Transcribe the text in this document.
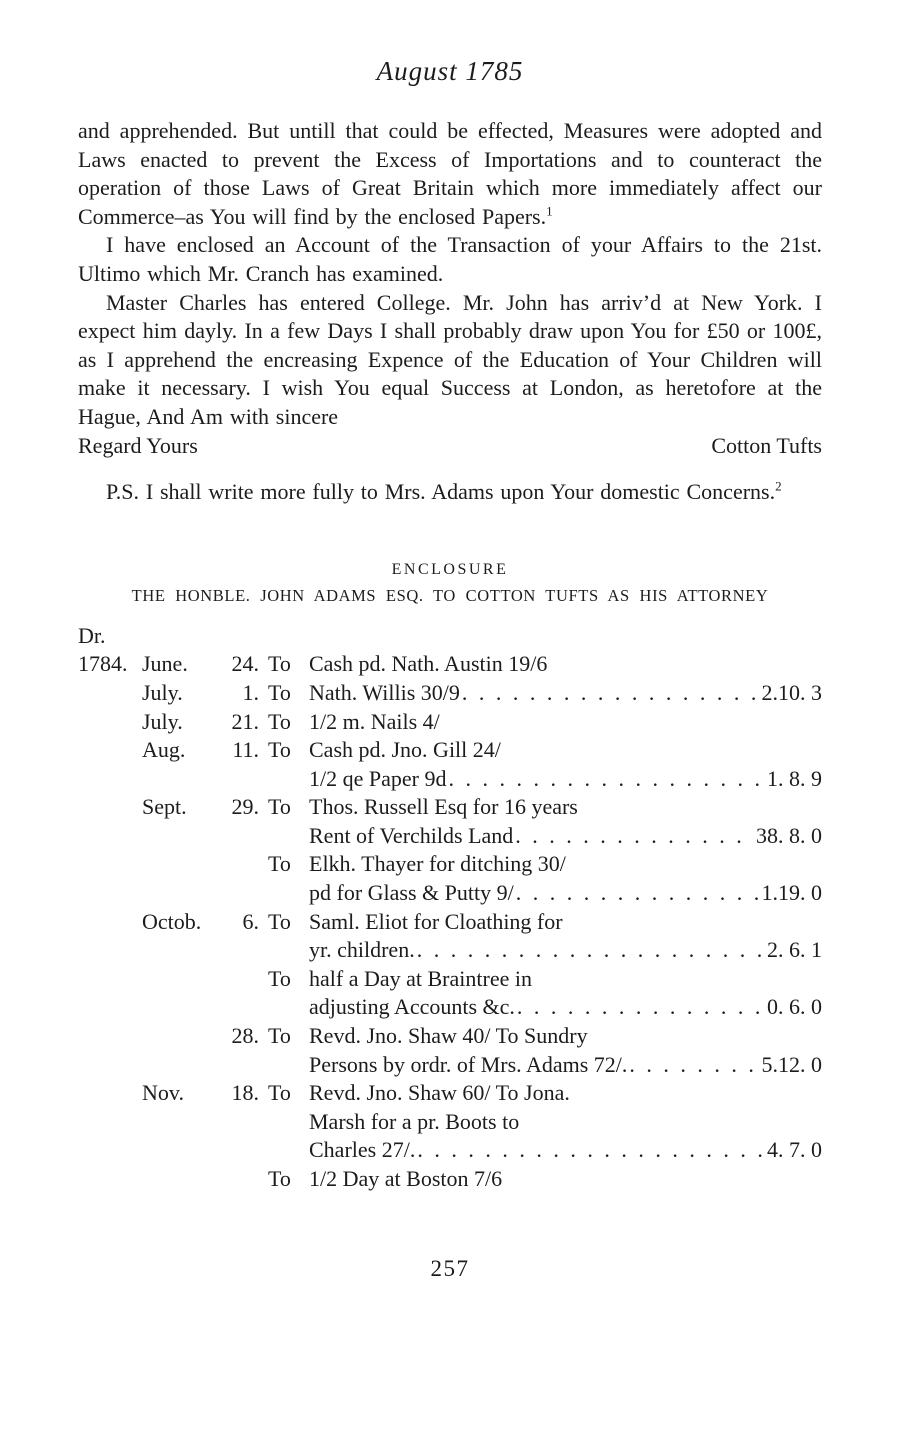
August 1785

and apprehended. But untill that could be effected, Measures were adopted and Laws enacted to prevent the Excess of Importations and to counteract the operation of those Laws of Great Britain which more immediately affect our Commerce–as You will find by the enclosed Papers.$^1$

I have enclosed an Account of the Transaction of your Affairs to the 21st. Ultimo which Mr. Cranch has examined.

Master Charles has entered College. Mr. John has arriv’d at New York. I expect him dayly. In a few Days I shall probably draw upon You for £50 or 100£, as I apprehend the encreasing Expence of the Education of Your Children will make it necessary. I wish You equal Success at London, as heretofore at the Hague, And Am with sincere

Regard Yours	Cotton Tufts

P.S. I shall write more fully to Mrs. Adams upon Your domestic Concerns.$^2$

ENCLOSURE
THE HONBLE. JOHN ADAMS ESQ. TO COTTON TUFTS AS HIS ATTORNEY
Dr.
1784. June.	24. To Cash pd. Nath. Austin 19/6
July.	1. To Nath. Willis 30/9 . . .	2.10. 3
July.	21. To 1/2 m. Nails 4/
Aug.	11. To Cash pd. Jno. Gill 24/
1/2 qe Paper 9d . . .	1. 8. 9
Sept.	29. To Thos. Russell Esq for 16 years
Rent of Verchilds Land . . .	38. 8. 0
To Elkh. Thayer for ditching 30/
pd for Glass & Putty 9/ . . .	1.19. 0
Octob.	6. To Saml. Eliot for Cloathing for
yr. children. . . .	2. 6. 1
To half a Day at Braintree in
adjusting Accounts &c. . . .	0. 6. 0
28. To Revd. Jno. Shaw 40/ To Sundry
Persons by ordr. of Mrs. Adams 72/. . . .	5.12. 0
Nov.	18. To Revd. Jno. Shaw 60/ To Jona.
Marsh for a pr. Boots to
Charles 27/. . . .	4. 7. 0
To 1/2 Day at Boston 7/6
257
